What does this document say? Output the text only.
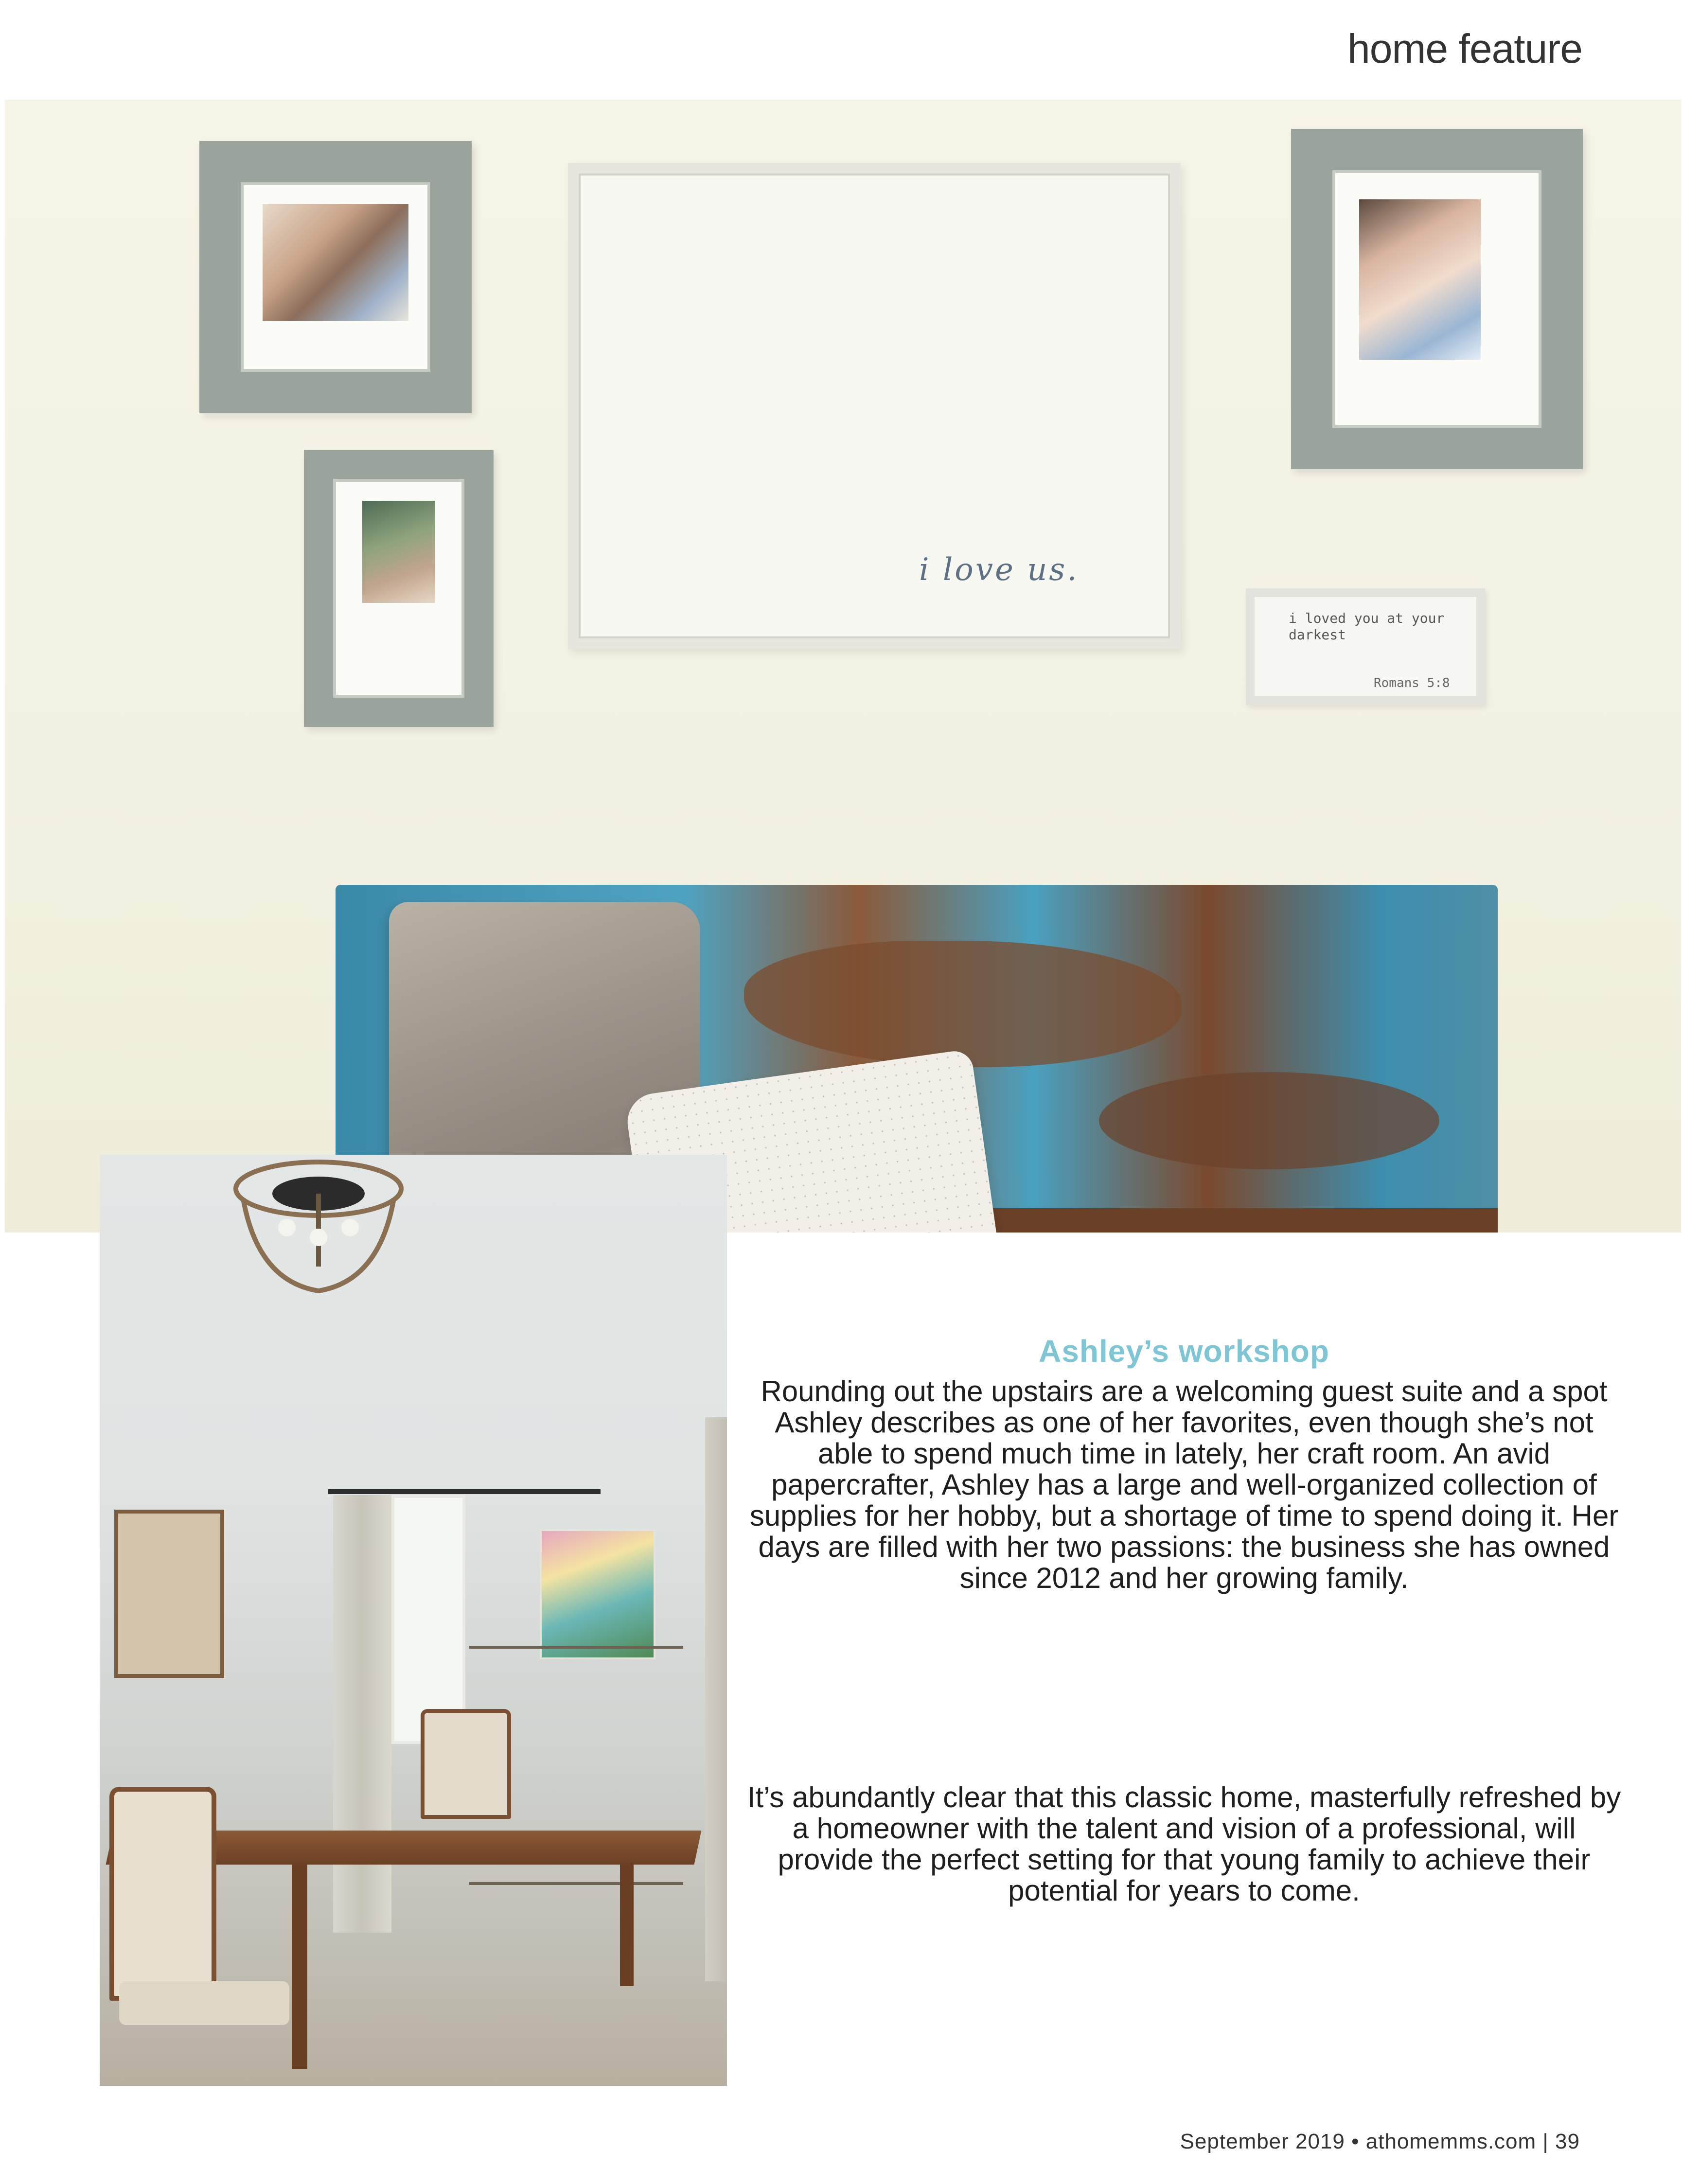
home feature
i love us.
i loved you at your darkest
Romans 5:8
Ashley’s workshop

Rounding out the upstairs are a welcoming guest suite and a spot Ashley describes as one of her favorites, even though she’s not able to spend much time in lately, her craft room. An avid papercrafter, Ashley has a large and well-organized collection of supplies for her hobby, but a shortage of time to spend doing it. Her days are filled with her two passions: the business she has owned since 2012 and her growing family.

It’s abundantly clear that this classic home, masterfully refreshed by a homeowner with the talent and vision of a professional, will provide the perfect setting for that young family to achieve their potential for years to come.

September 2019 • athomemms.com | 39
